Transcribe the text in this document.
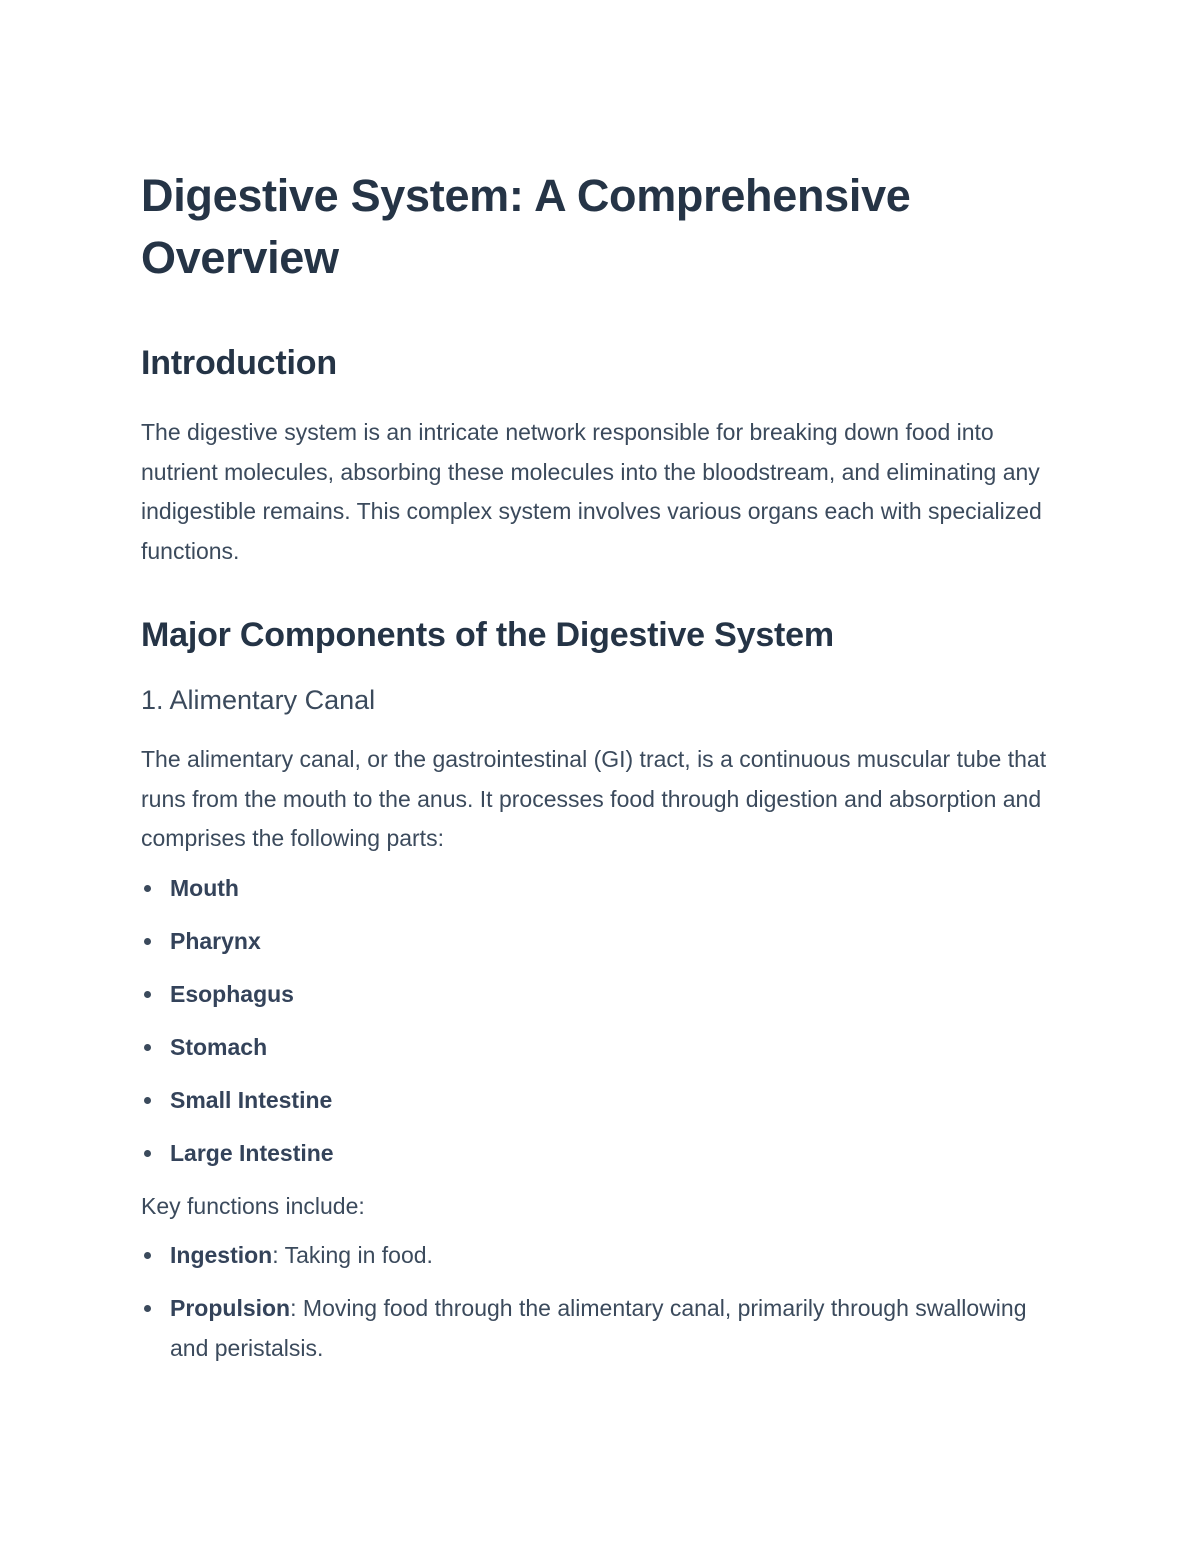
Digestive System: A Comprehensive Overview
Introduction

The digestive system is an intricate network responsible for breaking down food into nutrient molecules, absorbing these molecules into the bloodstream, and eliminating any indigestible remains. This complex system involves various organs each with specialized functions.

Major Components of the Digestive System
1. Alimentary Canal

The alimentary canal, or the gastrointestinal (GI) tract, is a continuous muscular tube that runs from the mouth to the anus. It processes food through digestion and absorption and comprises the following parts:

Mouth
Pharynx
Esophagus
Stomach
Small Intestine
Large Intestine

Key functions include:

Ingestion: Taking in food.
Propulsion: Moving food through the alimentary canal, primarily through swallowing and peristalsis.
